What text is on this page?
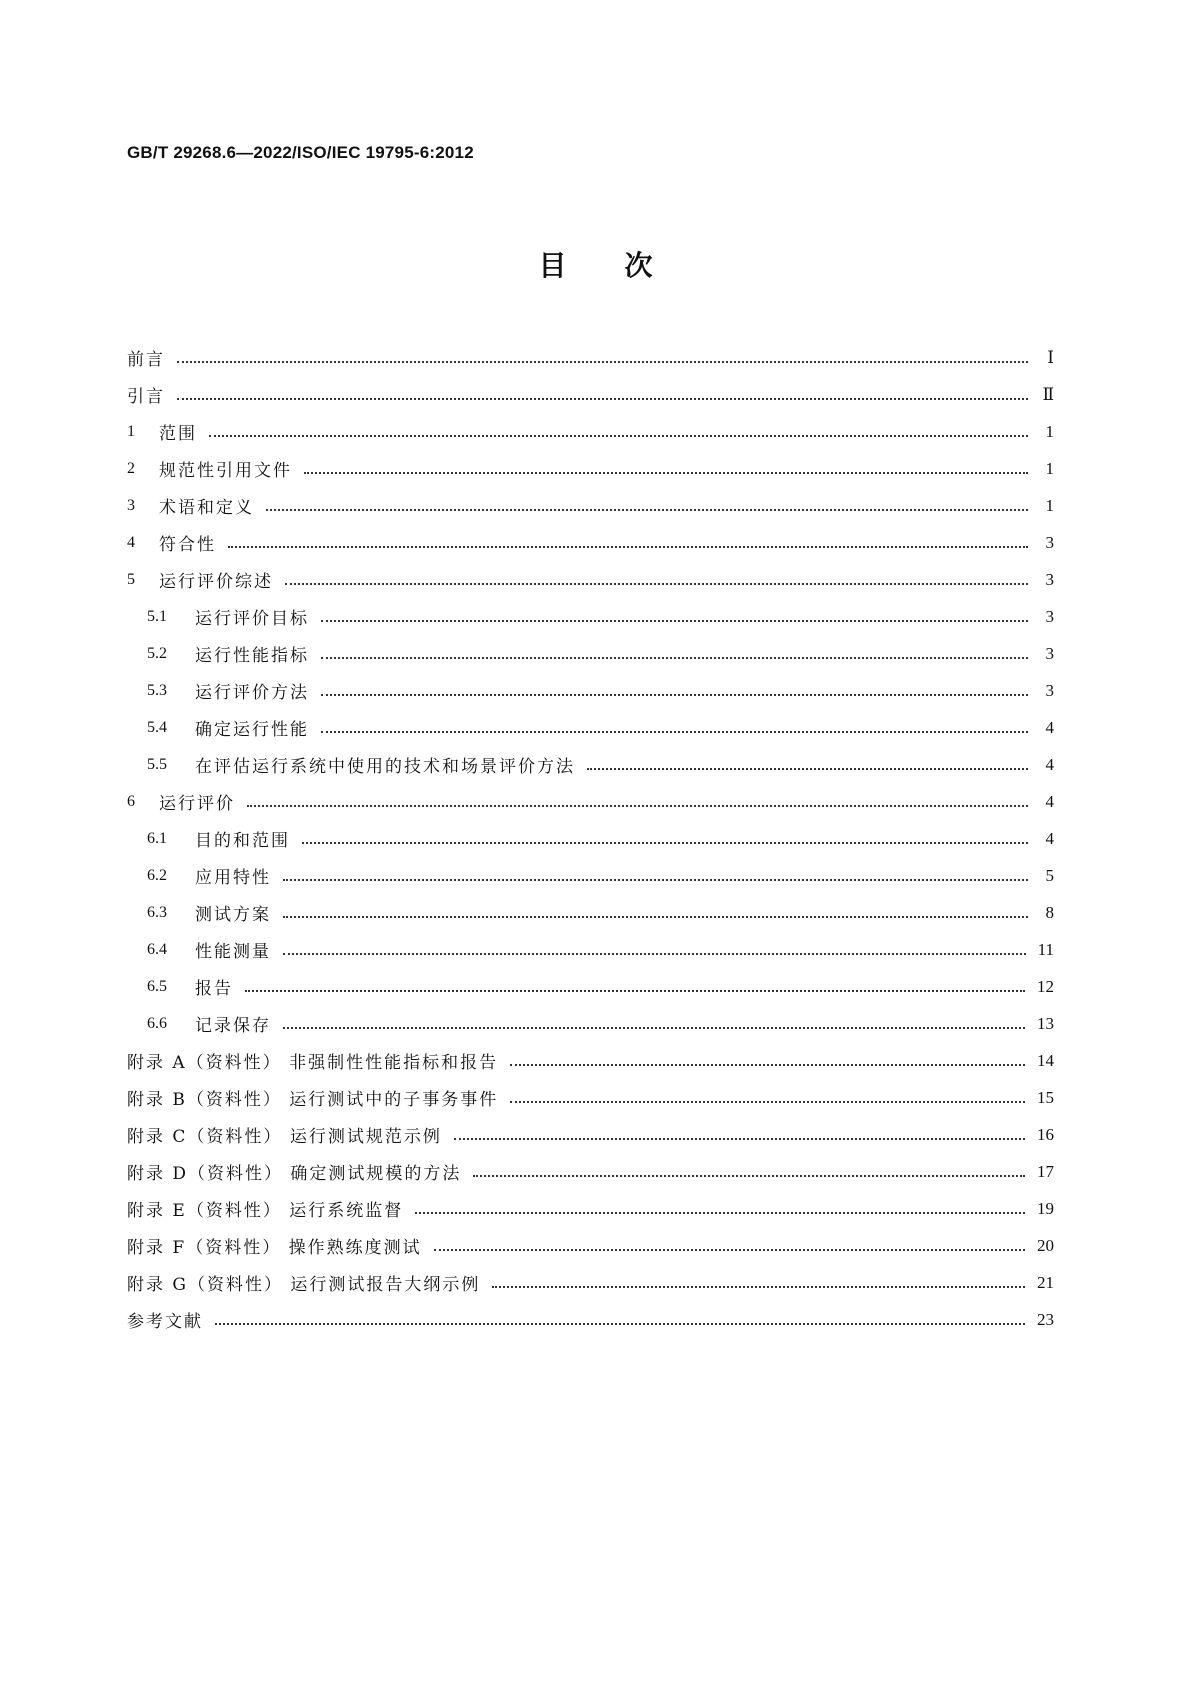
GB/T 29268.6—2022/ISO/IEC 19795-6:2012
目次
前言	Ⅰ
引言	Ⅱ
1	范围	1
2	规范性引用文件	1
3	术语和定义	1
4	符合性	3
5	运行评价综述	3
5.1	运行评价目标	3
5.2	运行性能指标	3
5.3	运行评价方法	3
5.4	确定运行性能	4
5.5	在评估运行系统中使用的技术和场景评价方法	4
6	运行评价	4
6.1	目的和范围	4
6.2	应用特性	5
6.3	测试方案	8
6.4	性能测量	11
6.5	报告	12
6.6	记录保存	13
附录 A（资料性） 非强制性性能指标和报告	14
附录 B（资料性） 运行测试中的子事务事件	15
附录 C（资料性） 运行测试规范示例	16
附录 D（资料性） 确定测试规模的方法	17
附录 E（资料性） 运行系统监督	19
附录 F（资料性） 操作熟练度测试	20
附录 G（资料性） 运行测试报告大纲示例	21
参考文献	23
